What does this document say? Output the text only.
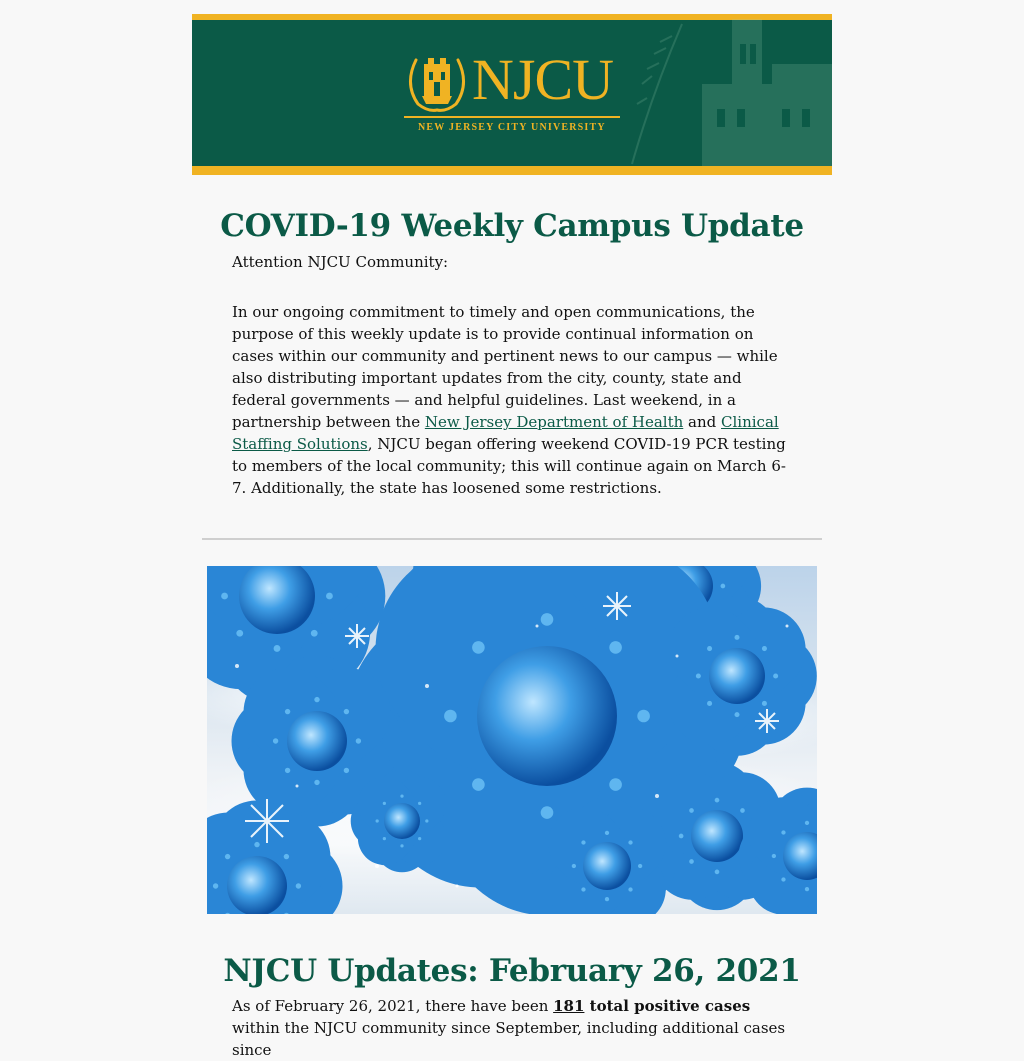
NJCU
NEW JERSEY CITY UNIVERSITY
COVID-19 Weekly Campus Update

Attention NJCU Community:

In our ongoing commitment to timely and open communications, the purpose of this weekly update is to provide continual information on cases within our community and pertinent news to our campus — while also distributing important updates from the city, county, state and federal governments — and helpful guidelines. Last weekend, in a partnership between the New Jersey Department of Health and Clinical Staffing Solutions, NJCU began offering weekend COVID-19 PCR testing to members of the local community; this will continue again on March 6-7. Additionally, the state has loosened some restrictions.

NJCU Updates: February 26, 2021

As of February 26, 2021, there have been 181 total positive cases within the NJCU community since September, including additional cases since
